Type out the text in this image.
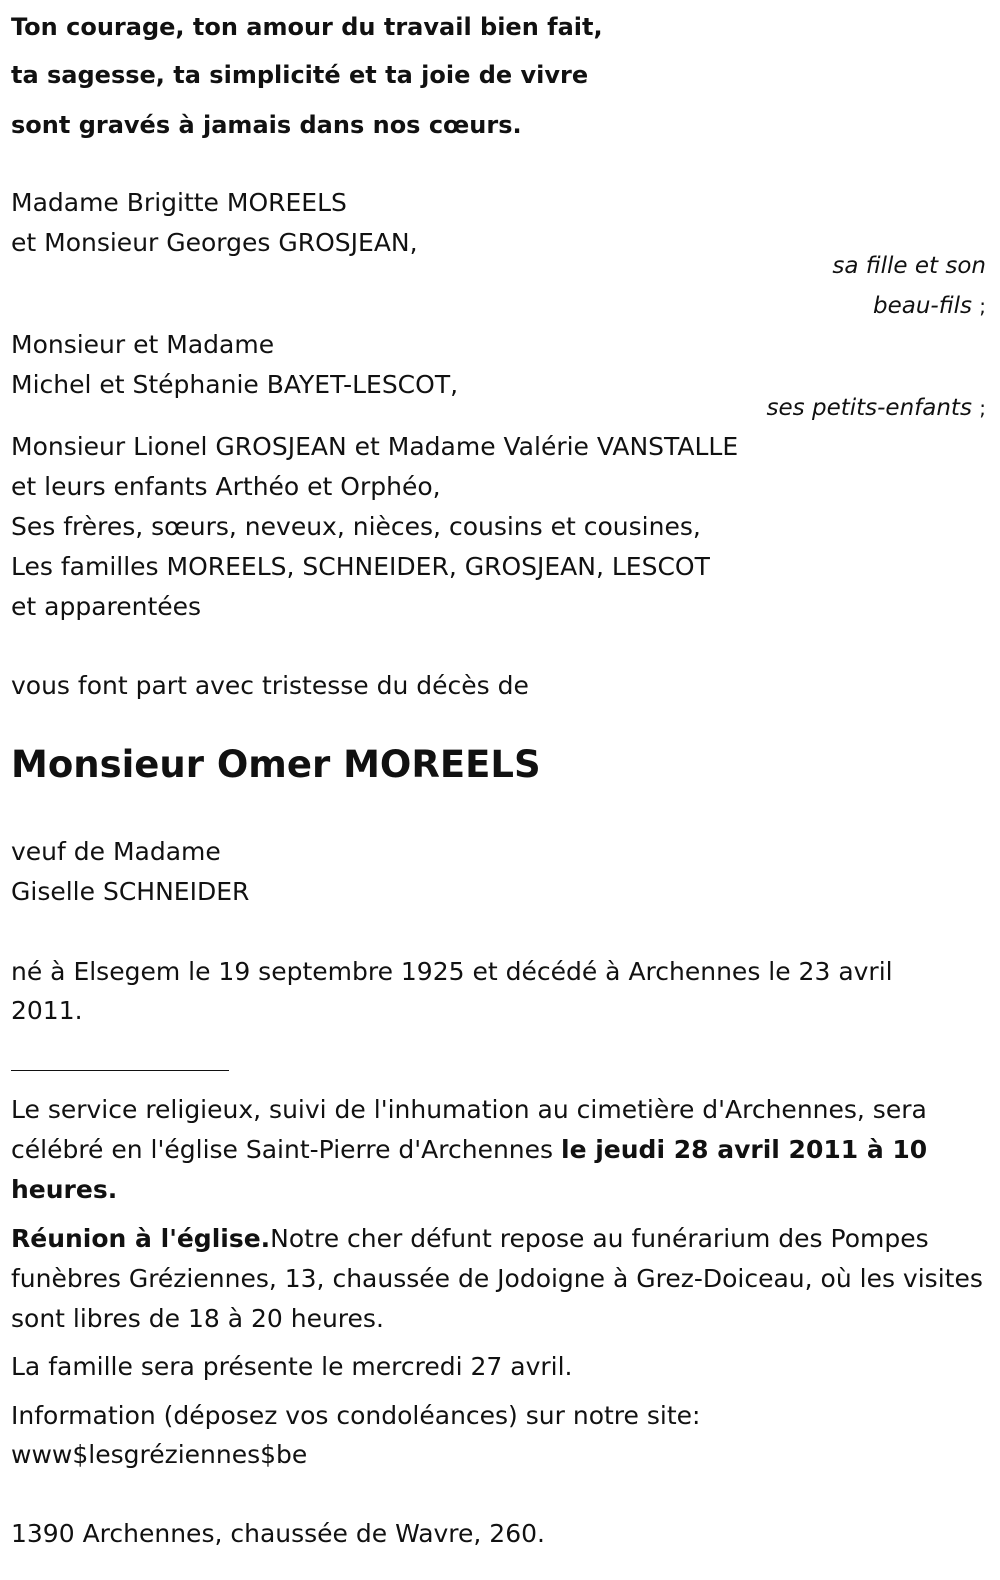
Ton courage, ton amour du travail bien fait,
ta sagesse, ta simplicité et ta joie de vivre
sont gravés à jamais dans nos cœurs.
Madame Brigitte MOREELS
et Monsieur Georges GROSJEAN,
sa fille et son
beau-fils ;
Monsieur et Madame
Michel et Stéphanie BAYET-LESCOT,
ses petits-enfants ;
Monsieur Lionel GROSJEAN et Madame Valérie VANSTALLE
et leurs enfants Arthéo et Orphéo,
Ses frères, sœurs, neveux, nièces, cousins et cousines,
Les familles MOREELS, SCHNEIDER, GROSJEAN, LESCOT
et apparentées
vous font part avec tristesse du décès de
Monsieur Omer MOREELS
veuf de Madame
Giselle SCHNEIDER
né à Elsegem le 19 septembre 1925 et décédé à Archennes le 23 avril
2011.
Le service religieux, suivi de l'inhumation au cimetière d'Archennes, sera célébré en l'église Saint-Pierre d'Archennes le jeudi 28 avril 2011 à 10 heures.
Réunion à l'église.Notre cher défunt repose au funérarium des Pompes funèbres Gréziennes, 13, chaussée de Jodoigne à Grez-Doiceau, où les visites sont libres de 18 à 20 heures.
La famille sera présente le mercredi 27 avril.
Information (déposez vos condoléances) sur notre site:
www$lesgréziennes$be
1390 Archennes, chaussée de Wavre, 260.
